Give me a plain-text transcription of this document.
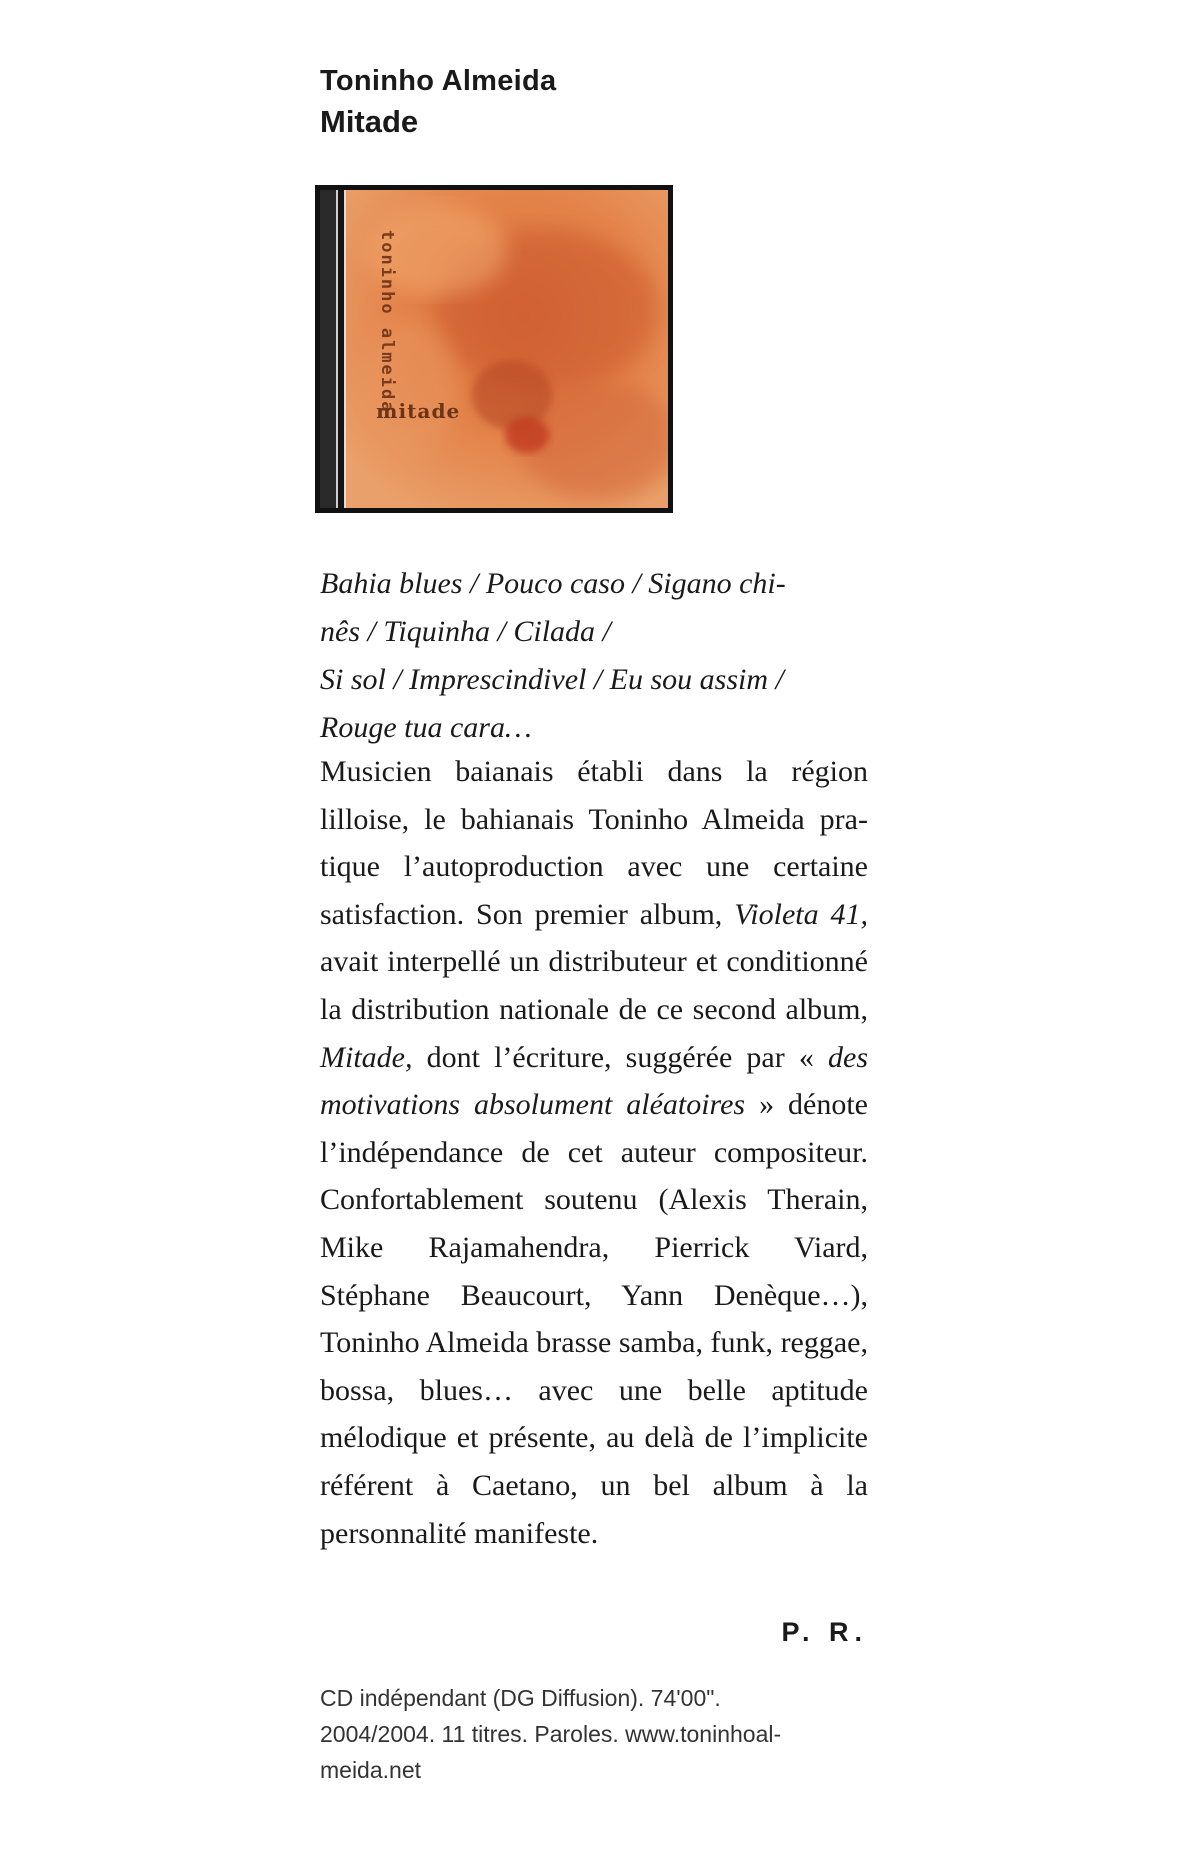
Toninho Almeida
Mitade
toninho almeida
mitade
Bahia blues / Pouco caso / Sigano chi-
nês / Tiquinha / Cilada /
Si sol / Imprescindivel / Eu sou assim /
Rouge tua cara…

Musicien baianais établi dans la région lilloise, le bahianais Toninho Almeida pratique l’autoproduction avec une certaine satisfaction. Son premier album, Violeta 41, avait interpellé un distributeur et conditionné la distribution nationale de ce second album, Mitade, dont l’écriture, suggérée par « des motivations absolument aléatoires » dénote l’indépendance de cet auteur compositeur. Confortablement soutenu (Alexis Therain, Mike Rajamahendra, Pierrick Viard, Stéphane Beaucourt, Yann Denèque…), Toninho Almeida brasse samba, funk, reggae, bossa, blues… avec une belle aptitude mélodique et présente, au delà de l’implicite référent à Caetano, un bel album à la personnalité manifeste.

P. R.

CD indépendant (DG Diffusion). 74'00".
2004/2004. 11 titres. Paroles. www.toninhoal-
meida.net
